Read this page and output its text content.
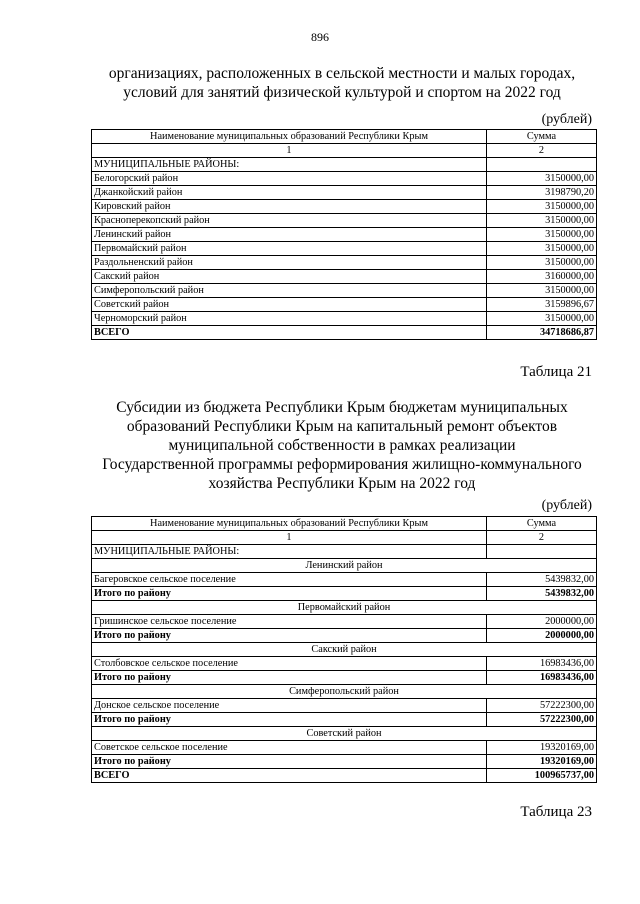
896
организациях, расположенных в сельской местности и малых городах,
условий для занятий физической культурой и спортом на 2022 год
(рублей)
Наименование муниципальных образований Республики Крым	Сумма
1	2
МУНИЦИПАЛЬНЫЕ РАЙОНЫ:	
Белогорский район	3150000,00
Джанкойский район	3198790,20
Кировский район	3150000,00
Красноперекопский район	3150000,00
Ленинский район	3150000,00
Первомайский район	3150000,00
Раздольненский район	3150000,00
Сакский район	3160000,00
Симферопольский район	3150000,00
Советский район	3159896,67
Черноморский район	3150000,00
ВСЕГО	34718686,87
Таблица 21
Субсидии из бюджета Республики Крым бюджетам муниципальных
образований Республики Крым на капитальный ремонт объектов
муниципальной собственности в рамках реализации
Государственной программы реформирования жилищно-коммунального
хозяйства Республики Крым на 2022 год
(рублей)
Наименование муниципальных образований Республики Крым	Сумма
1	2
МУНИЦИПАЛЬНЫЕ РАЙОНЫ:	
Ленинский район	
Багеровское сельское поселение	5439832,00
Итого по району	5439832,00
Первомайский район	
Гришинское сельское поселение	2000000,00
Итого по району	2000000,00
Сакский район	
Столбовское сельское поселение	16983436,00
Итого по району	16983436,00
Симферопольский район	
Донское сельское поселение	57222300,00
Итого по району	57222300,00
Советский район	
Советское сельское поселение	19320169,00
Итого по району	19320169,00
ВСЕГО	100965737,00
Таблица 23
